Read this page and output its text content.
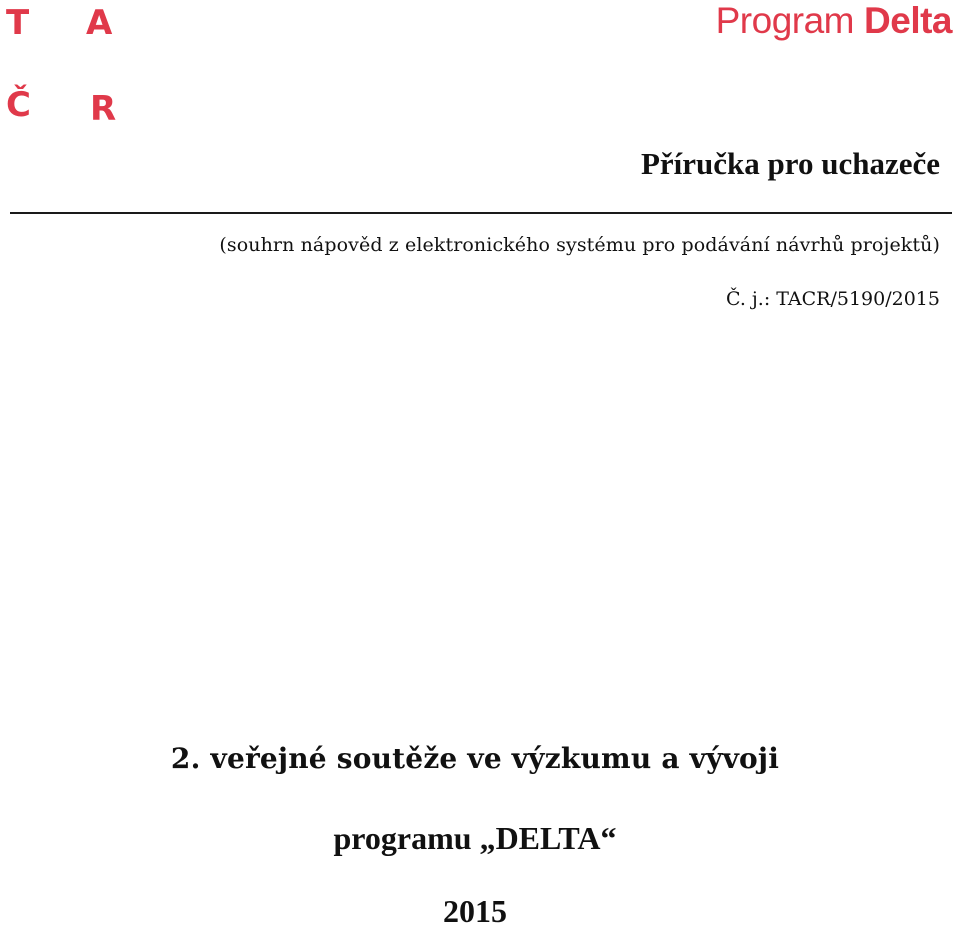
T A
Č R
Program Delta
Příručka pro uchazeče
(souhrn nápověd z elektronického systému pro podávání návrhů projektů)
Č. j.: TACR/5190/2015
2. veřejné soutěže ve výzkumu a vývoji
programu „DELTA“
2015
